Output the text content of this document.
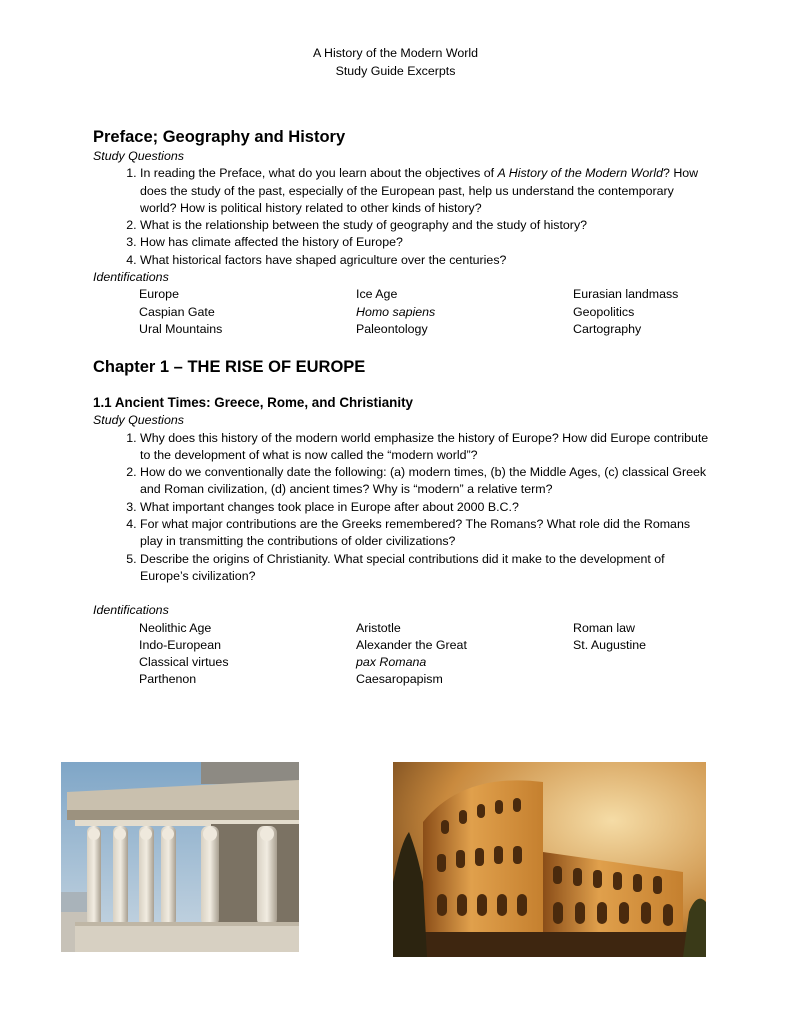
A History of the Modern World
Study Guide Excerpts
Preface; Geography and History
Study Questions
1. In reading the Preface, what do you learn about the objectives of A History of the Modern World? How does the study of the past, especially of the European past, help us understand the contemporary world? How is political history related to other kinds of history?
2. What is the relationship between the study of geography and the study of history?
3. How has climate affected the history of Europe?
4. What historical factors have shaped agriculture over the centuries?
Identifications
Europe	Ice Age	Eurasian landmass
Caspian Gate	Homo sapiens	Geopolitics
Ural Mountains	Paleontology	Cartography
Chapter 1 – THE RISE OF EUROPE
1.1 Ancient Times: Greece, Rome, and Christianity
Study Questions
1. Why does this history of the modern world emphasize the history of Europe? How did Europe contribute to the development of what is now called the “modern world”?
2. How do we conventionally date the following: (a) modern times, (b) the Middle Ages, (c) classical Greek and Roman civilization, (d) ancient times? Why is “modern” a relative term?
3. What important changes took place in Europe after about 2000 B.C.?
4. For what major contributions are the Greeks remembered? The Romans? What role did the Romans play in transmitting the contributions of older civilizations?
5. Describe the origins of Christianity. What special contributions did it make to the development of Europe’s civilization?
Identifications
Neolithic Age	Aristotle	Roman law
Indo-European	Alexander the Great	St. Augustine
Classical virtues	pax Romana
Parthenon	Caesaropapism
